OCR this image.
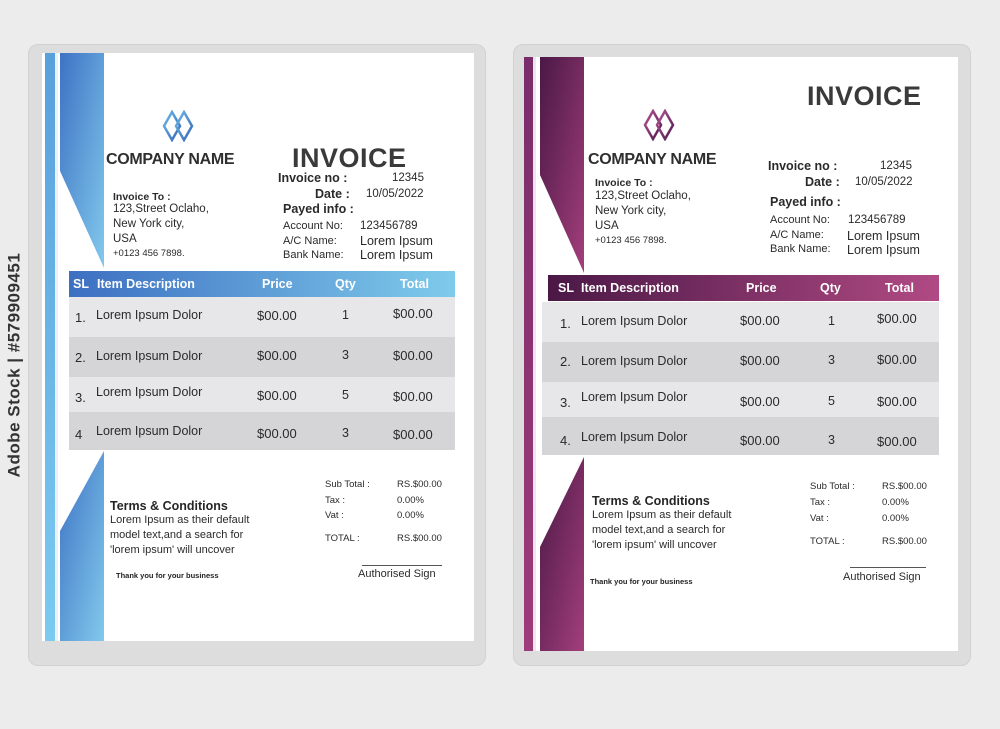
Adobe Stock | #579909451
COMPANY NAME INVOICE
Invoice no :	12345
Date : 10/05/2022
Invoice To :
123,Street Oclaho,
New York city,
USA
+0123 456 7898.
Payed info :
Account No: 123456789
A/C Name: Lorem Ipsum
Bank Name: Lorem Ipsum
SL Item Description	Price	Qty	Total
1. Lorem Ipsum Dolor	$00.00	1	$00.00
2. Lorem Ipsum Dolor	$00.00	3	$00.00
3. Lorem Ipsum Dolor	$00.00	5	$00.00
4 Lorem Ipsum Dolor	$00.00	3	$00.00
Terms & Conditions
Lorem Ipsum as their default
model text,and a search for
'lorem ipsum' will uncover
Thank you for your business
Sub Total :	RS.$00.00
Tax :	0.00%
Vat :	0.00%
TOTAL :	RS.$00.00
Authorised Sign
COMPANY NAME
INVOICE
Invoice no :	12345
Date : 10/05/2022
Invoice To :
123,Street Oclaho,
New York city,
USA
+0123 456 7898.
Payed info :
Account No: 123456789
A/C Name: Lorem Ipsum
Bank Name: Lorem Ipsum
SL Item Description	Price	Qty	Total
1. Lorem Ipsum Dolor	$00.00	1	$00.00
2. Lorem Ipsum Dolor	$00.00	3	$00.00
3. Lorem Ipsum Dolor	$00.00	5	$00.00
4. Lorem Ipsum Dolor	$00.00	3	$00.00
Terms & Conditions
Lorem Ipsum as their default
model text,and a search for
'lorem ipsum' will uncover
Thank you for your business
Sub Total :	RS.$00.00
Tax :	0.00%
Vat :	0.00%
TOTAL :	RS.$00.00
Authorised Sign
